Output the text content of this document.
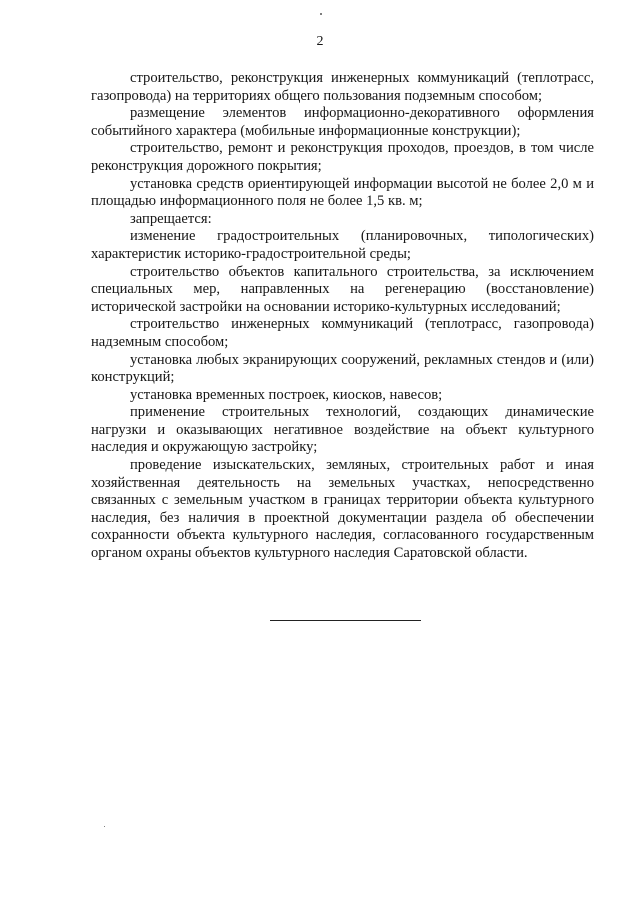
2

строительство, реконструкция инженерных коммуникаций (теплотрасс, газопровода) на территориях общего пользования подземным способом;

размещение элементов информационно-декоративного оформления событийного характера (мобильные информационные конструкции);

строительство, ремонт и реконструкция проходов, проездов, в том числе реконструкция дорожного покрытия;

установка средств ориентирующей информации высотой не более 2,0 м и площадью информационного поля не более 1,5 кв. м;

запрещается:

изменение градостроительных (планировочных, типологических) характеристик историко-градостроительной среды;

строительство объектов капитального строительства, за исключением специальных мер, направленных на регенерацию (восстановление) исторической застройки на основании историко-культурных исследований;

строительство инженерных коммуникаций (теплотрасс, газопровода) надземным способом;

установка любых экранирующих сооружений, рекламных стендов и (или) конструкций;

установка временных построек, киосков, навесов;

применение строительных технологий, создающих динамические нагрузки и оказывающих негативное воздействие на объект культурного наследия и окружающую застройку;

проведение изыскательских, земляных, строительных работ и иная хозяйственная деятельность на земельных участках, непосредственно связанных с земельным участком в границах территории объекта культурного наследия, без наличия в проектной документации раздела об обеспечении сохранности объекта культурного наследия, согласованного государственным органом охраны объектов культурного наследия Саратовской области.
